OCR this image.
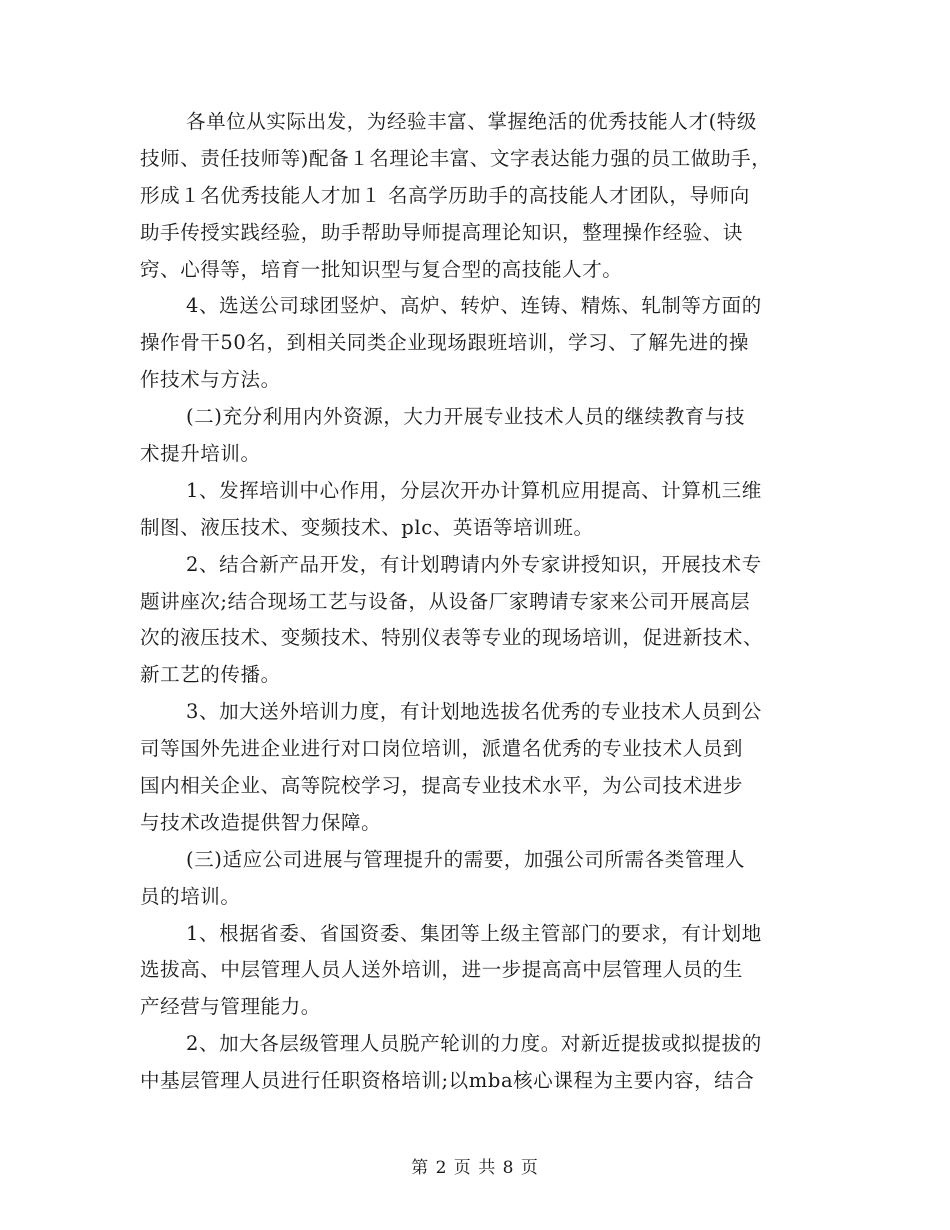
各单位从实际出发，为经验丰富、掌握绝活的优秀技能人才(特级
技师、责任技师等)配备１名理论丰富、文字表达能力强的员工做助手，
形成１名优秀技能人才加１ 名高学历助手的高技能人才团队，导师向
助手传授实践经验，助手帮助导师提高理论知识，整理操作经验、诀
窍、心得等，培育一批知识型与复合型的高技能人才。
4、选送公司球团竖炉、高炉、转炉、连铸、精炼、轧制等方面的
操作骨干50名，到相关同类企业现场跟班培训，学习、了解先进的操
作技术与方法。
(二)充分利用内外资源，大力开展专业技术人员的继续教育与技
术提升培训。
1、发挥培训中心作用，分层次开办计算机应用提高、计算机三维
制图、液压技术、变频技术、plc、英语等培训班。
2、结合新产品开发，有计划聘请内外专家讲授知识，开展技术专
题讲座次;结合现场工艺与设备，从设备厂家聘请专家来公司开展高层
次的液压技术、变频技术、特别仪表等专业的现场培训，促进新技术、
新工艺的传播。
3、加大送外培训力度，有计划地选拔名优秀的专业技术人员到公
司等国外先进企业进行对口岗位培训，派遣名优秀的专业技术人员到
国内相关企业、高等院校学习，提高专业技术水平，为公司技术进步
与技术改造提供智力保障。
(三)适应公司进展与管理提升的需要，加强公司所需各类管理人
员的培训。
1、根据省委、省国资委、集团等上级主管部门的要求，有计划地
选拔高、中层管理人员人送外培训，进一步提高高中层管理人员的生
产经营与管理能力。
2、加大各层级管理人员脱产轮训的力度。对新近提拔或拟提拔的
中基层管理人员进行任职资格培训;以mba核心课程为主要内容，结合
第 2 页 共 8 页
